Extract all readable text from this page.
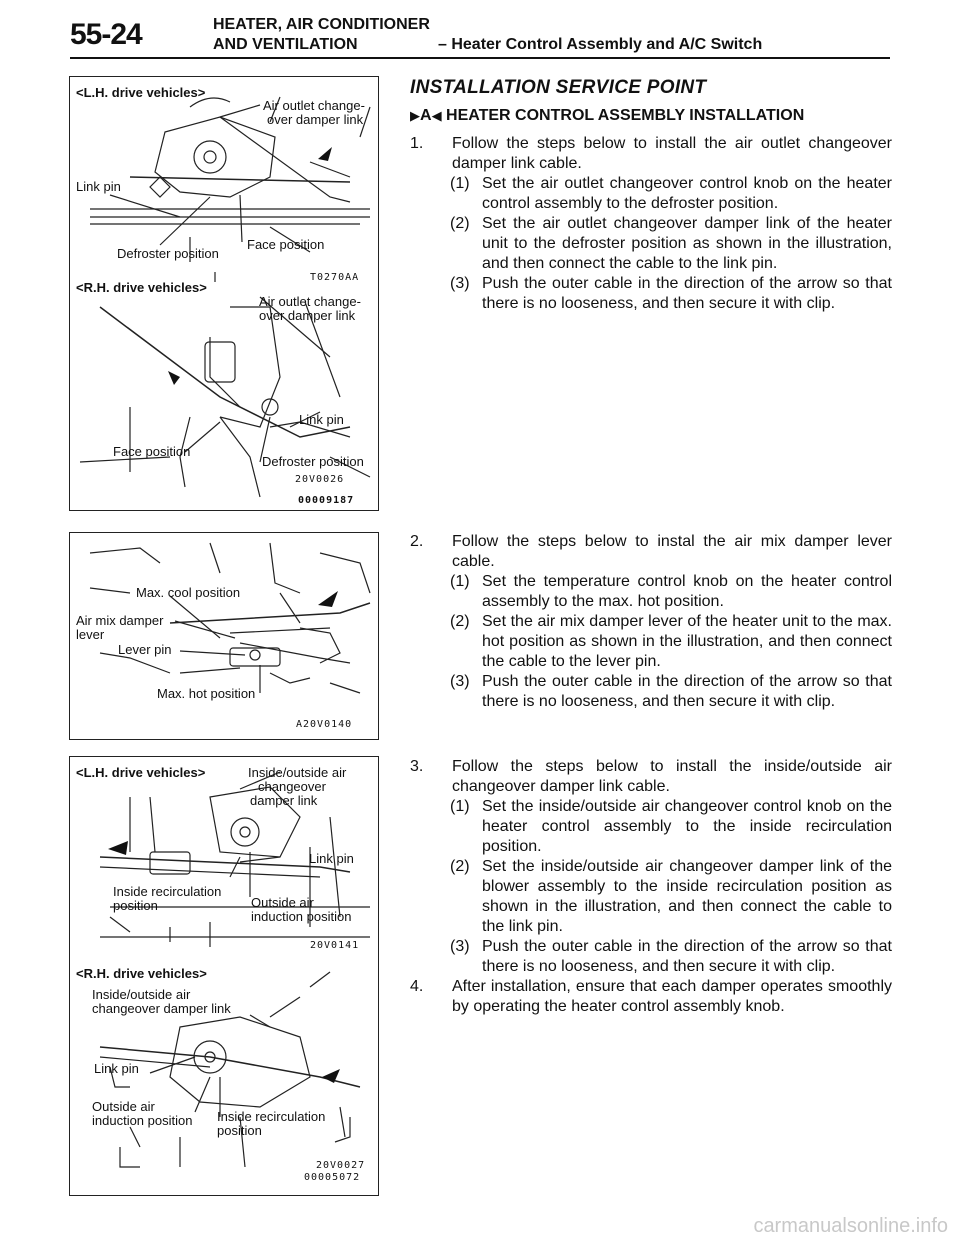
55-24	HEATER, AIR CONDITIONER
AND VENTILATION	– Heater Control Assembly and A/C Switch
<L.H. drive vehicles>
Air outlet change-
over damper link
Link pin
Defroster position
Face position
T0270AA
<R.H. drive vehicles>
Air outlet change-
over damper link
Link pin
Face position
Defroster position
20V0026
00009187
Max. cool position
Air mix damper
lever
Lever pin
Max. hot position
A20V0140
<L.H. drive vehicles>	Inside/outside air
changeover
damper link
Link pin
Inside recirculation
position	Outside air
induction position
20V0141
<R.H. drive vehicles>
Inside/outside air
changeover damper link
Link pin
Outside air
induction position Inside recirculation
position
20V0027
00005072
INSTALLATION SERVICE POINT
▶A◀ HEATER CONTROL ASSEMBLY INSTALLATION
1. Follow the steps below to install the air outlet changeover damper link cable.
(1) Set the air outlet changeover control knob on the heater control assembly to the defroster position.
(2) Set the air outlet changeover damper link of the heater unit to the defroster position as shown in the illustration, and then connect the cable to the link pin.
(3) Push the outer cable in the direction of the arrow so that there is no looseness, and then secure it with clip.
2. Follow the steps below to instal the air mix damper lever cable.
(1) Set the temperature control knob on the heater control assembly to the max. hot position.
(2) Set the air mix damper lever of the heater unit to the max. hot position as shown in the illustration, and then connect the cable to the lever pin.
(3) Push the outer cable in the direction of the arrow so that there is no looseness, and then secure it with clip.
3. Follow the steps below to install the inside/outside air changeover damper link cable.
(1) Set the inside/outside air changeover control knob on the heater control assembly to the inside recirculation position.
(2) Set the inside/outside air changeover damper link of the blower assembly to the inside recirculation position as shown in the illustration, and then connect the cable to the link pin.
(3) Push the outer cable in the direction of the arrow so that there is no looseness, and then secure it with clip.
4. After installation, ensure that each damper operates smoothly by operating the heater control assembly knob.
carmanualsonline.info
